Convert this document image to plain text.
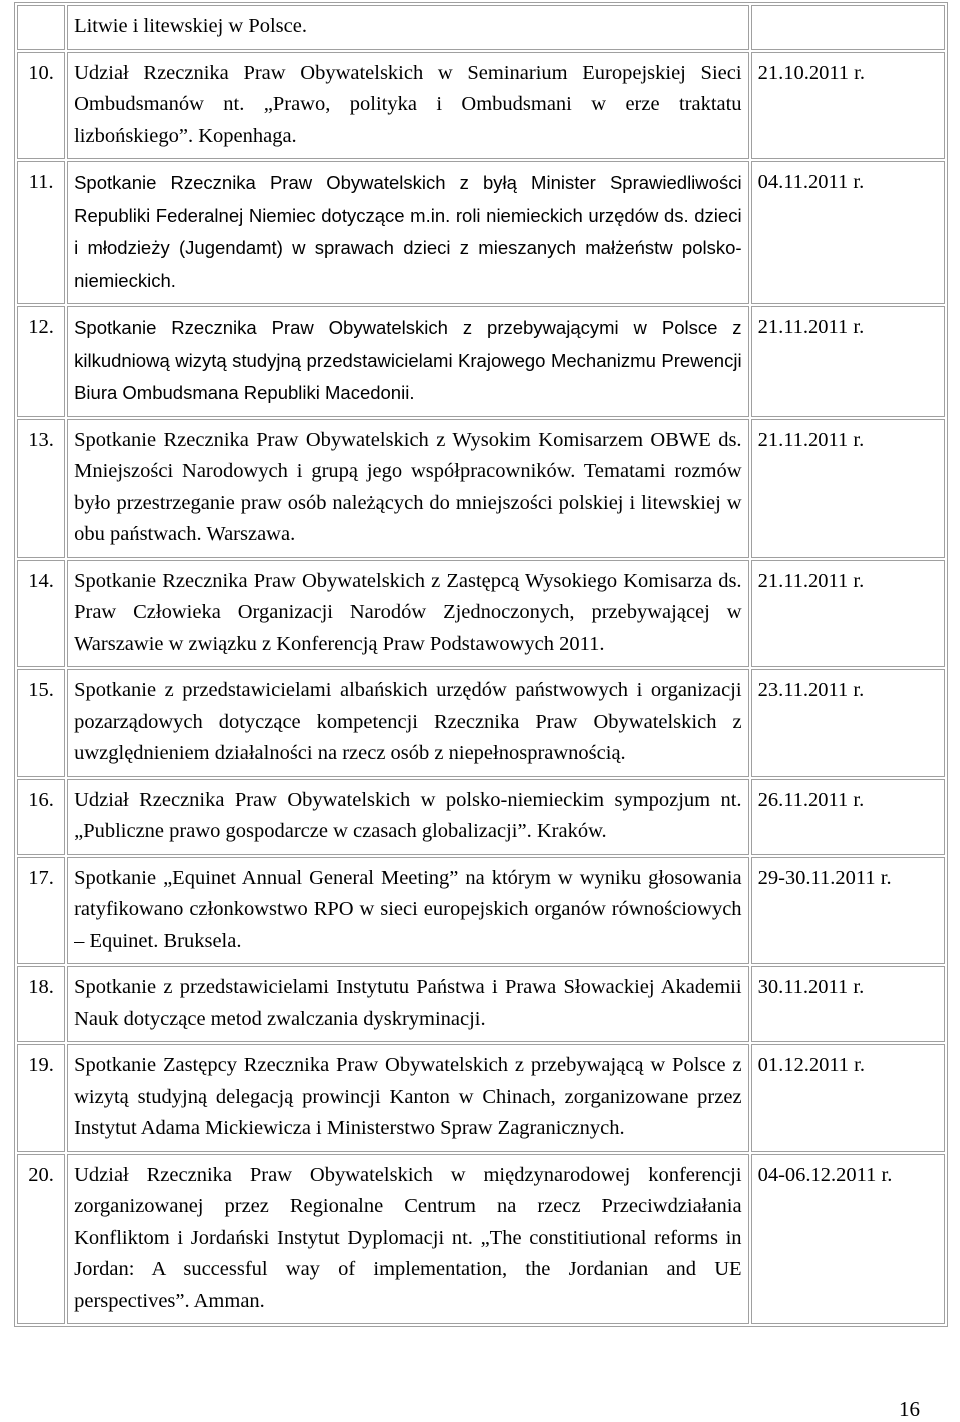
	Litwie i litewskiej w Polsce.	
10.	Udział Rzecznika Praw Obywatelskich w Seminarium Europejskiej Sieci Ombudsmanów nt. „Prawo, polityka i Ombudsmani w erze traktatu lizbońskiego”. Kopenhaga.	21.10.2011 r.
11.	Spotkanie Rzecznika Praw Obywatelskich z byłą Minister Sprawiedliwości Republiki Federalnej Niemiec dotyczące m.in. roli niemieckich urzędów ds. dzieci i młodzieży (Jugendamt) w sprawach dzieci z mieszanych małżeństw polsko-niemieckich.	04.11.2011 r.
12.	Spotkanie Rzecznika Praw Obywatelskich z przebywającymi w Polsce z kilkudniową wizytą studyjną przedstawicielami Krajowego Mechanizmu Prewencji Biura Ombudsmana Republiki Macedonii.	21.11.2011 r.
13.	Spotkanie Rzecznika Praw Obywatelskich z Wysokim Komisarzem OBWE ds. Mniejszości Narodowych i grupą jego współpracowników. Tematami rozmów było przestrzeganie praw osób należących do mniejszości polskiej i litewskiej w obu państwach. Warszawa.	21.11.2011 r.
14.	Spotkanie Rzecznika Praw Obywatelskich z Zastępcą Wysokiego Komisarza ds. Praw Człowieka Organizacji Narodów Zjednoczonych, przebywającej w Warszawie w związku z Konferencją Praw Podstawowych 2011.	21.11.2011 r.
15.	Spotkanie z przedstawicielami albańskich urzędów państwowych i organizacji pozarządowych dotyczące kompetencji Rzecznika Praw Obywatelskich z uwzględnieniem działalności na rzecz osób z niepełnosprawnością.	23.11.2011 r.
16.	Udział Rzecznika Praw Obywatelskich w polsko-niemieckim sympozjum nt. „Publiczne prawo gospodarcze w czasach globalizacji”. Kraków.	26.11.2011 r.
17.	Spotkanie „Equinet Annual General Meeting” na którym w wyniku głosowania ratyfikowano członkowstwo RPO w sieci europejskich organów równościowych – Equinet. Bruksela.	29-30.11.2011 r.
18.	Spotkanie z przedstawicielami Instytutu Państwa i Prawa Słowackiej Akademii Nauk dotyczące metod zwalczania dyskryminacji.	30.11.2011 r.
19.	Spotkanie Zastępcy Rzecznika Praw Obywatelskich z przebywającą w Polsce z wizytą studyjną delegacją prowincji Kanton w Chinach, zorganizowane przez Instytut Adama Mickiewicza i Ministerstwo Spraw Zagranicznych.	01.12.2011 r.
20.	Udział Rzecznika Praw Obywatelskich w międzynarodowej konferencji zorganizowanej przez Regionalne Centrum na rzecz Przeciwdziałania Konfliktom i Jordański Instytut Dyplomacji nt. „The constitiutional reforms in Jordan: A successful way of implementation, the Jordanian and UE perspectives”. Amman.	04-06.12.2011 r.
16
